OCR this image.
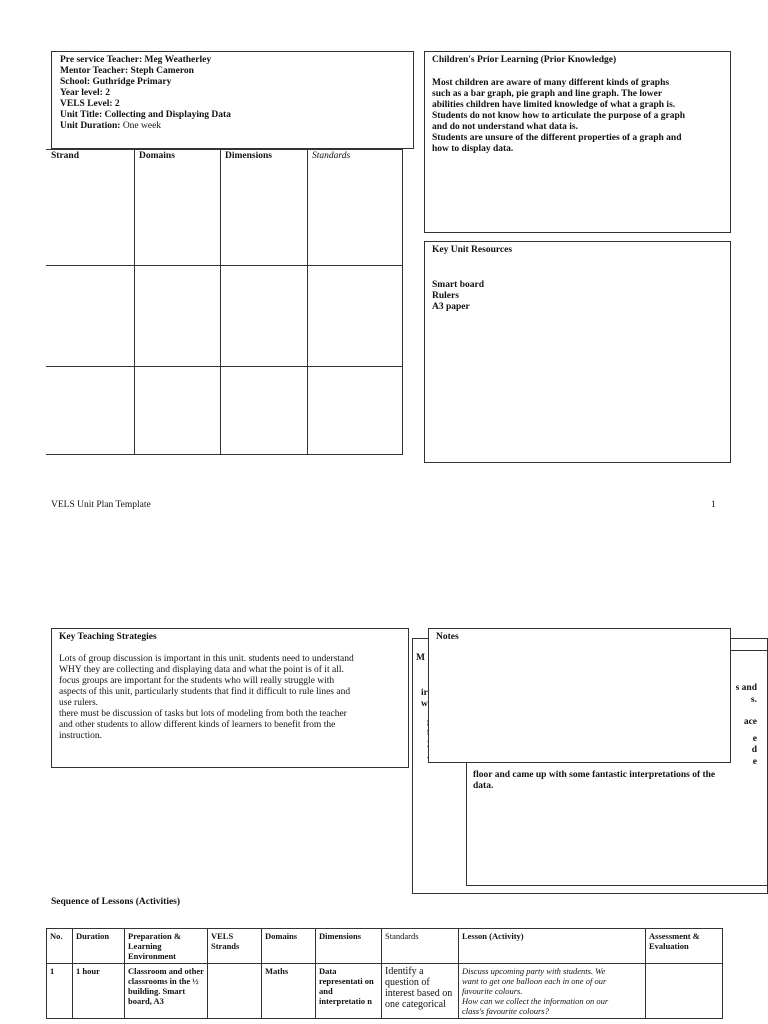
Pre service Teacher: Meg Weatherley
Mentor Teacher: Steph Cameron
School: Guthridge Primary
Year level: 2
VELS Level: 2
Unit Title: Collecting and Displaying Data
Unit Duration: One week
Strand	Domains	Dimensions	Standards
Children's Prior Learning (Prior Knowledge)
Most children are aware of many different kinds of graphs
such as a bar graph, pie graph and line graph. The lower
abilities children have limited knowledge of what a graph is.
Students do not know how to articulate the purpose of a graph
and do not understand what data is.
Students are unsure of the different properties of a graph and
how to display data.
Key Unit Resources
Smart board
Rulers
A3 paper
VELS Unit Plan Template	1
Key Teaching Strategies
Lots of group discussion is important in this unit. students need to understand
WHY they are collecting and displaying data and what the point is of it all.
focus groups are important for the students who will really struggle with
aspects of this unit, particularly students that find it difficult to rule lines and
use rulers.
there must be discussion of tasks but lots of modeling from both the teacher
and other students to allow different kinds of learners to benefit from the
instruction.
M
ir
w
s and
s.
ace
e
d
e
floor and came up with some fantastic interpretations of the
data.
Notes
Sequence of Lessons (Activities)
No.	Duration	Preparation & Learning Environment	VELS Strands	Domains	Dimensions	Standards	Lesson (Activity)	Assessment & Evaluation
1	1 hour	Classroom and other classrooms in the ½ building. Smart board, A3		Maths	Data representati on and interpretatio n	Identify a question of interest based on one categorical	Discuss upcoming party with students. We
want to get one balloon each in one of our
favourite colours.
How can we collect the information on our
class's favourite colours?	
